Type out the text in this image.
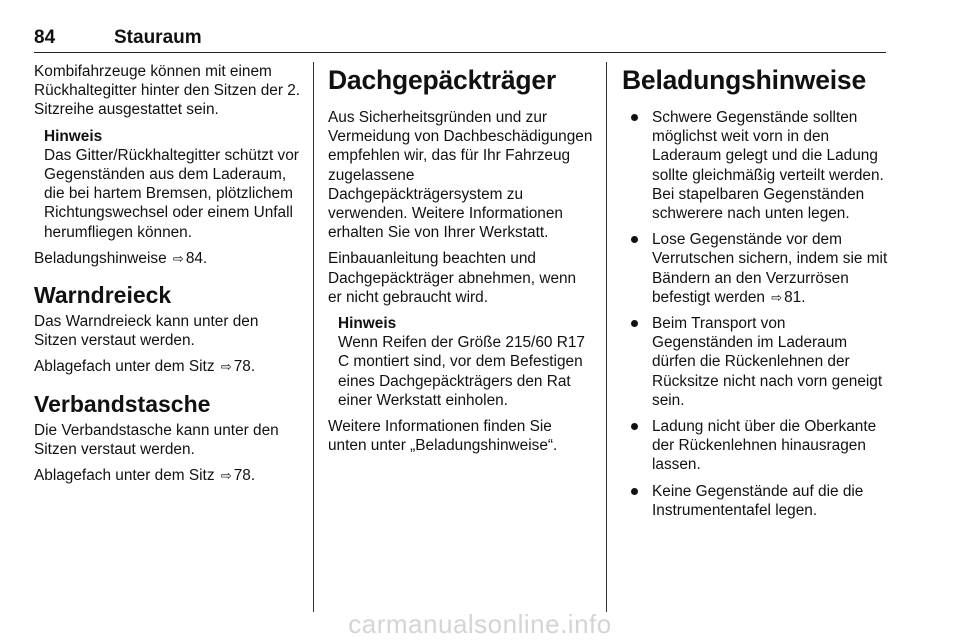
84	Stauraum

Kombifahrzeuge können mit einem Rückhaltegitter hinter den Sitzen der 2. Sitzreihe ausgestattet sein.

Hinweis
Das Gitter/Rückhaltegitter schützt vor Gegenständen aus dem Laderaum, die bei hartem Bremsen, plötzlichem Richtungswechsel oder einem Unfall herumfliegen können.

Beladungshinweise ⇨ 84.

Warndreieck

Das Warndreieck kann unter den Sitzen verstaut werden.

Ablagefach unter dem Sitz ⇨ 78.

Verbandstasche

Die Verbandstasche kann unter den Sitzen verstaut werden.

Ablagefach unter dem Sitz ⇨ 78.

Dachgepäckträger

Aus Sicherheitsgründen und zur Vermeidung von Dachbeschädigungen empfehlen wir, das für Ihr Fahrzeug zugelassene Dachgepäckträgersystem zu verwenden. Weitere Informationen erhalten Sie von Ihrer Werkstatt.

Einbauanleitung beachten und Dachgepäckträger abnehmen, wenn er nicht gebraucht wird.

Hinweis
Wenn Reifen der Größe 215/60 R17 C montiert sind, vor dem Befestigen eines Dachgepäckträgers den Rat einer Werkstatt einholen.

Weitere Informationen finden Sie unten unter „Beladungshinweise“.

Beladungshinweise
Schwere Gegenstände sollten möglichst weit vorn in den Laderaum gelegt und die Ladung sollte gleichmäßig verteilt werden. Bei stapelbaren Gegenständen schwerere nach unten legen.
Lose Gegenstände vor dem Verrutschen sichern, indem sie mit Bändern an den Verzurrösen befestigt werden ⇨ 81.
Beim Transport von Gegenständen im Laderaum dürfen die Rückenlehnen der Rücksitze nicht nach vorn geneigt sein.
Ladung nicht über die Oberkante der Rückenlehnen hinausragen lassen.
Keine Gegenstände auf die die Instrumententafel legen.
carmanualsonline.info
